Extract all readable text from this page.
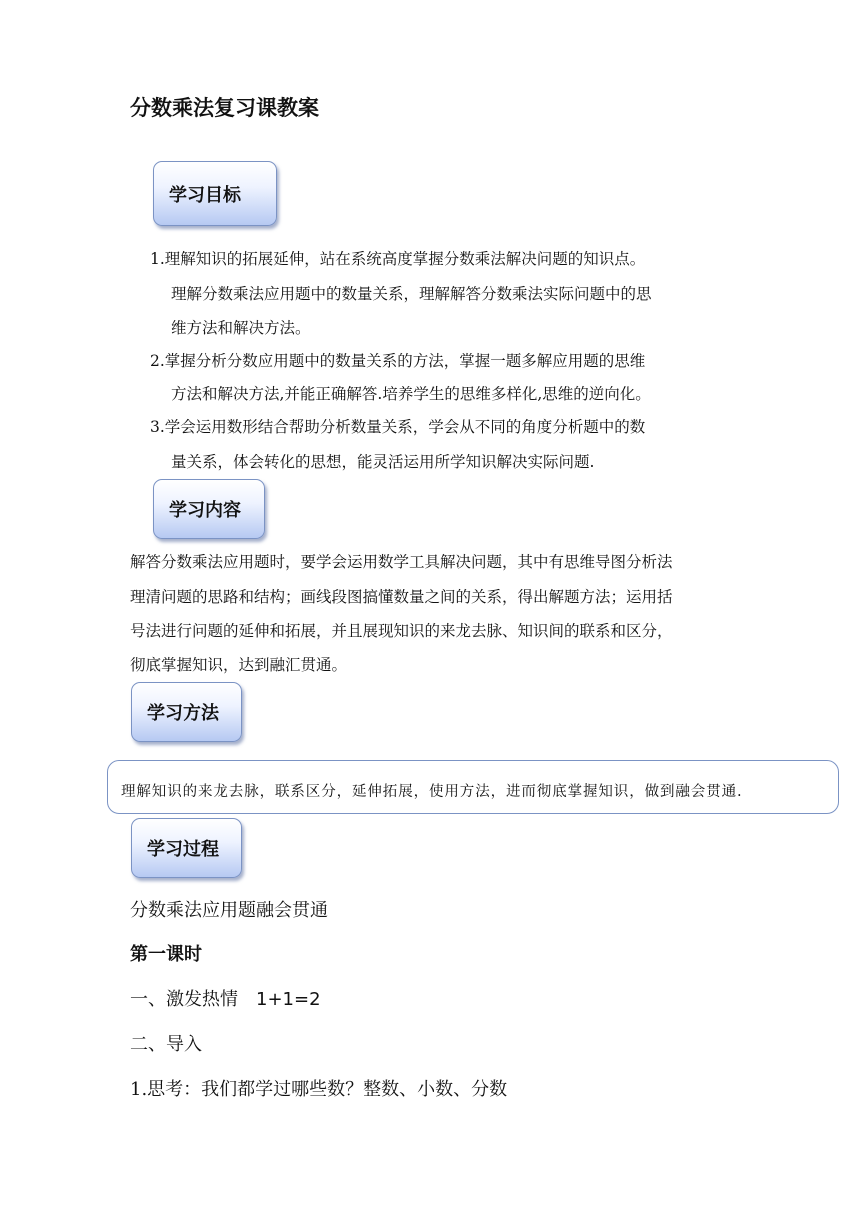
分数乘法复习课教案
学习目标
1.理解知识的拓展延伸，站在系统高度掌握分数乘法解决问题的知识点。
理解分数乘法应用题中的数量关系，理解解答分数乘法实际问题中的思
维方法和解决方法。
2.掌握分析分数应用题中的数量关系的方法，掌握一题多解应用题的思维
方法和解决方法,并能正确解答.培养学生的思维多样化,思维的逆向化。
3.学会运用数形结合帮助分析数量关系，学会从不同的角度分析题中的数
量关系，体会转化的思想，能灵活运用所学知识解决实际问题.
学习内容
解答分数乘法应用题时，要学会运用数学工具解决问题，其中有思维导图分析法
理清问题的思路和结构；画线段图搞懂数量之间的关系，得出解题方法；运用括
号法进行问题的延伸和拓展，并且展现知识的来龙去脉、知识间的联系和区分，
彻底掌握知识，达到融汇贯通。
学习方法
理解知识的来龙去脉，联系区分，延伸拓展，使用方法，进而彻底掌握知识，做到融会贯通.
学习过程
分数乘法应用题融会贯通
第一课时
一、激发热情　1+1=2
二、导入
1.思考：我们都学过哪些数？整数、小数、分数
